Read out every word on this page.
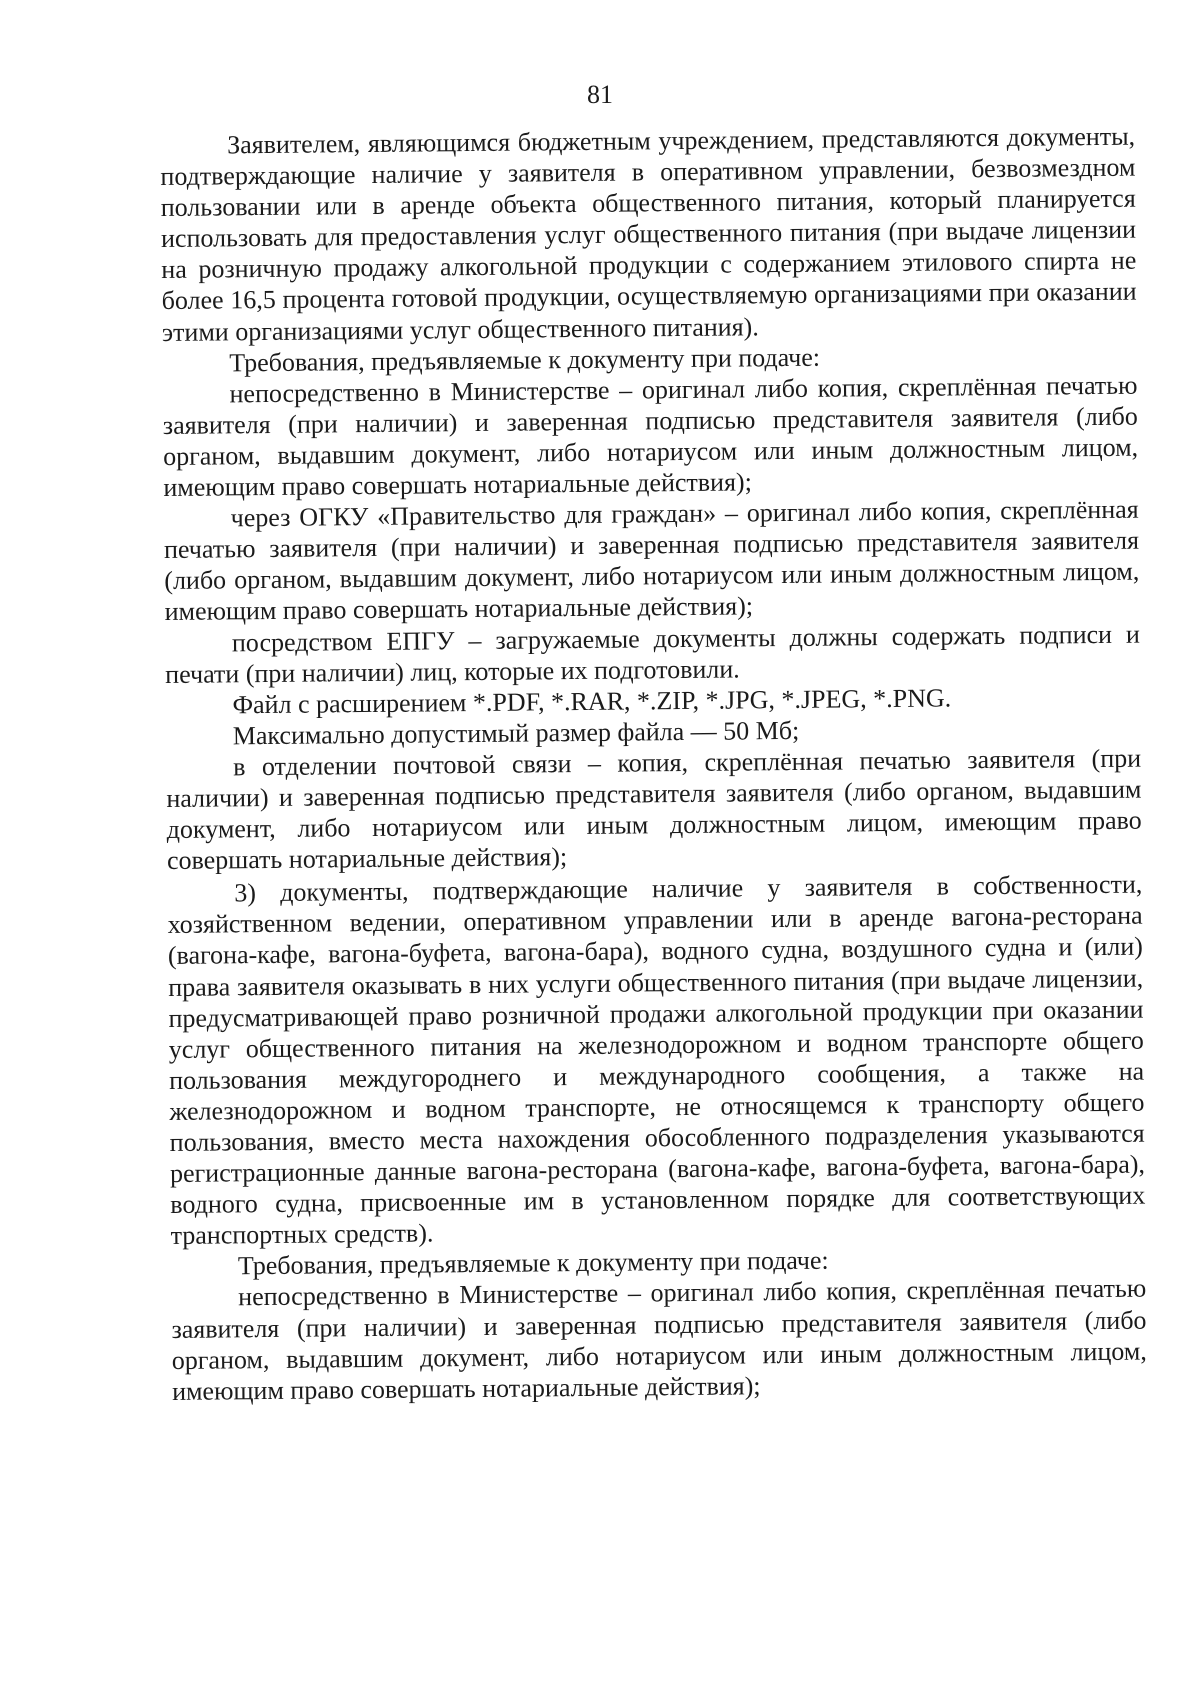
81

Заявителем, являющимся бюджетным учреждением, представляются документы, подтверждающие наличие у заявителя в оперативном управлении, безвозмездном пользовании или в аренде объекта общественного питания, который планируется использовать для предоставления услуг общественного питания (при выдаче лицензии на розничную продажу алкогольной продукции с содержанием этилового спирта не более 16,5 процента готовой продукции, осуществляемую организациями при оказании этими организациями услуг общественного питания).

Требования, предъявляемые к документу при подаче:

непосредственно в Министерстве – оригинал либо копия, скреплённая печатью заявителя (при наличии) и заверенная подписью представителя заявителя (либо органом, выдавшим документ, либо нотариусом или иным должностным лицом, имеющим право совершать нотариальные действия);

через ОГКУ «Правительство для граждан» – оригинал либо копия, скреплённая печатью заявителя (при наличии) и заверенная подписью представителя заявителя (либо органом, выдавшим документ, либо нотариусом или иным должностным лицом, имеющим право совершать нотариальные действия);

посредством ЕПГУ – загружаемые документы должны содержать подписи и печати (при наличии) лиц, которые их подготовили.

Файл с расширением *.PDF, *.RAR, *.ZIP, *.JPG, *.JPEG, *.PNG.

Максимально допустимый размер файла — 50 Мб;

в отделении почтовой связи – копия, скреплённая печатью заявителя (при наличии) и заверенная подписью представителя заявителя (либо органом, выдавшим документ, либо нотариусом или иным должностным лицом, имеющим право совершать нотариальные действия);

3) документы, подтверждающие наличие у заявителя в собственности, хозяйственном ведении, оперативном управлении или в аренде вагона-ресторана (вагона-кафе, вагона-буфета, вагона-бара), водного судна, воздушного судна и (или) права заявителя оказывать в них услуги общественного питания (при выдаче лицензии, предусматривающей право розничной продажи алкогольной продукции при оказании услуг общественного питания на железнодорожном и водном транспорте общего пользования междугороднего и международного сообщения, а также на железнодорожном и водном транспорте, не относящемся к транспорту общего пользования, вместо места нахождения обособленного подразделения указываются регистрационные данные вагона-ресторана (вагона-кафе, вагона-буфета, вагона-бара), водного судна, присвоенные им в установленном порядке для соответствующих транспортных средств).

Требования, предъявляемые к документу при подаче:

непосредственно в Министерстве – оригинал либо копия, скреплённая печатью заявителя (при наличии) и заверенная подписью представителя заявителя (либо органом, выдавшим документ, либо нотариусом или иным должностным лицом, имеющим право совершать нотариальные действия);
